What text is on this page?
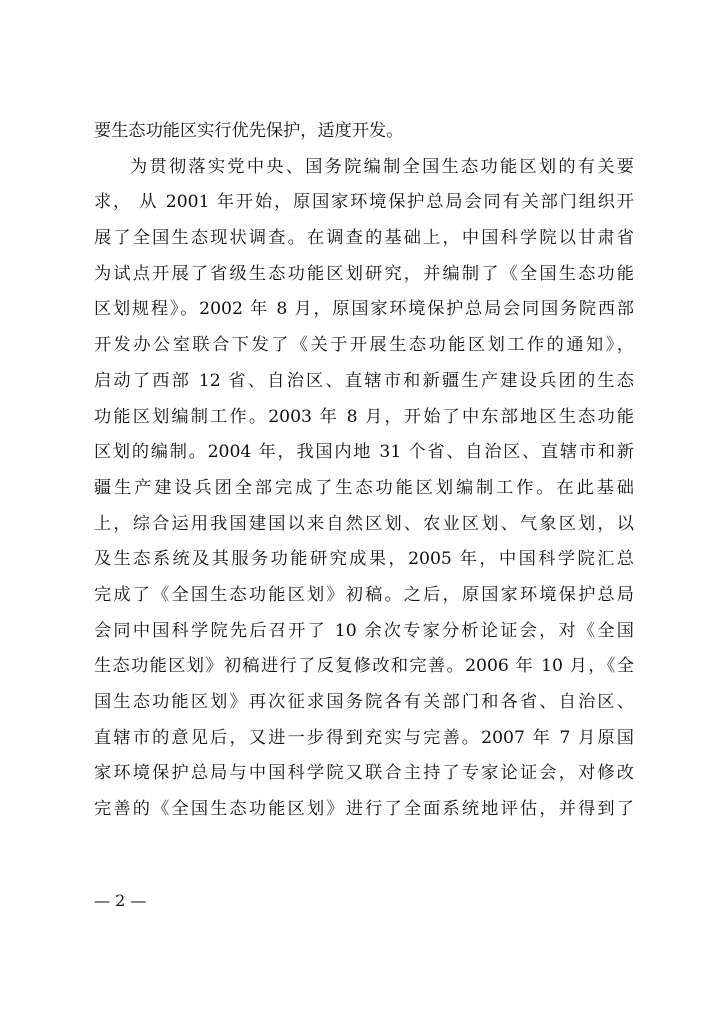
要生态功能区实行优先保护，适度开发。
为贯彻落实党中央、国务院编制全国生态功能区划的有关要
求， 从 2001 年开始，原国家环境保护总局会同有关部门组织开
展了全国生态现状调查。在调查的基础上，中国科学院以甘肃省
为试点开展了省级生态功能区划研究，并编制了《全国生态功能
区划规程》。2002 年 8 月，原国家环境保护总局会同国务院西部
开发办公室联合下发了《关于开展生态功能区划工作的通知》，
启动了西部 12 省、自治区、直辖市和新疆生产建设兵团的生态
功能区划编制工作。2003 年 8 月，开始了中东部地区生态功能
区划的编制。2004 年，我国内地 31 个省、自治区、直辖市和新
疆生产建设兵团全部完成了生态功能区划编制工作。在此基础
上，综合运用我国建国以来自然区划、农业区划、气象区划，以
及生态系统及其服务功能研究成果，2005 年，中国科学院汇总
完成了《全国生态功能区划》初稿。之后，原国家环境保护总局
会同中国科学院先后召开了 10 余次专家分析论证会，对《全国
生态功能区划》初稿进行了反复修改和完善。2006 年 10 月，《全
国生态功能区划》再次征求国务院各有关部门和各省、自治区、
直辖市的意见后，又进一步得到充实与完善。2007 年 7 月原国
家环境保护总局与中国科学院又联合主持了专家论证会，对修改
完善的《全国生态功能区划》进行了全面系统地评估，并得到了
— 2 —
